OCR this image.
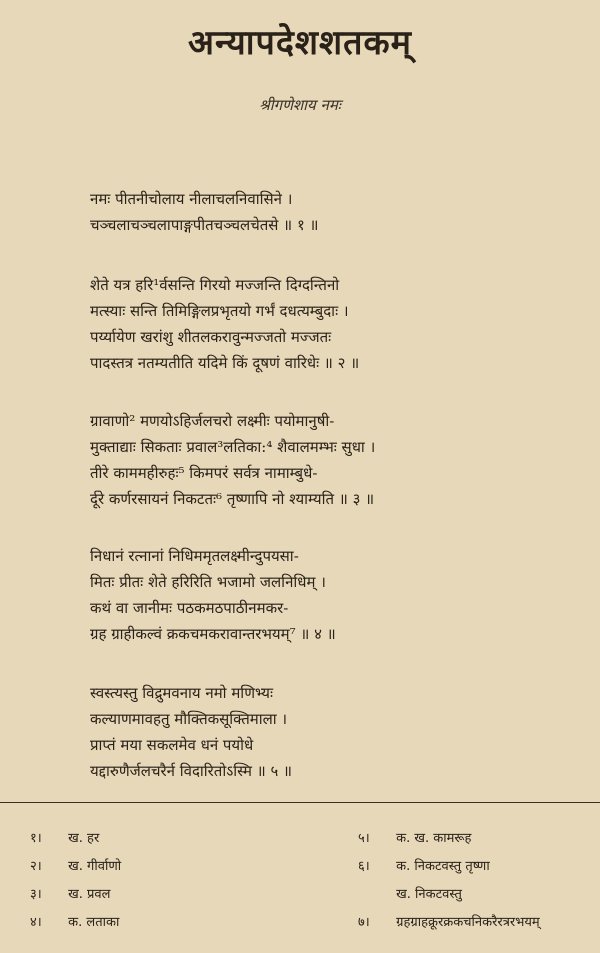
अन्यापदेशशतकम्
श्रीगणेशाय नमः
नमः पीतनीचोलाय नीलाचलनिवासिने ।
चञ्चलाचञ्चलापाङ्गपीतचञ्चलचेतसे ॥ १ ॥
शेते यत्र हरि¹र्वसन्ति गिरयो मज्जन्ति दिग्दन्तिनो
मत्स्याः सन्ति तिमिङ्गिलप्रभृतयो गर्भं दधत्यम्बुदाः ।
पर्य्यायेण खरांशु शीतलकरावुन्मज्जतो मज्जतः
पादस्तत्र नतम्यतीति यदिमे किं दूषणं वारिधेः ॥ २ ॥
ग्रावाणो² मणयोऽहिर्जलचरो लक्ष्मीः पयोमानुषी-
मुक्ताद्याः सिकताः प्रवाल³लतिका:⁴ शैवालमम्भः सुधा ।
तीरे काममहीरुहः⁵ किमपरं सर्वत्र नामाम्बुधे-
र्दूरे कर्णरसायनं निकटतः⁶ तृष्णापि नो श्याम्यति ॥ ३ ॥
निधानं रत्नानां निधिममृतलक्ष्मीन्दुपयसा-
मितः प्रीतः शेते हरिरिति भजामो जलनिधिम् ।
कथं वा जानीमः पठकमठपाठीनमकर-
ग्रह ग्राहीकल्वं क्रकचमकरावान्तरभयम्⁷ ॥ ४ ॥
स्वस्त्यस्तु विद्रुमवनाय नमो मणिभ्यः
कल्याणमावहतु मौक्तिकसूक्तिमाला ।
प्राप्तं मया सकलमेव धनं पयोधे
यद्दारुणैर्जलचरैर्न विदारितोऽस्मि ॥ ५ ॥
१। ख. हर
२। ख. गीर्वाणो
३। ख. प्रवल
४। क. लताका
५। क. ख. कामरूह
६। क. निकटवस्तु तृष्णा
ख. निकटवस्तु
७। ग्रहग्राहक्रूरक्रकचनिकरैरत्ररभयम्
